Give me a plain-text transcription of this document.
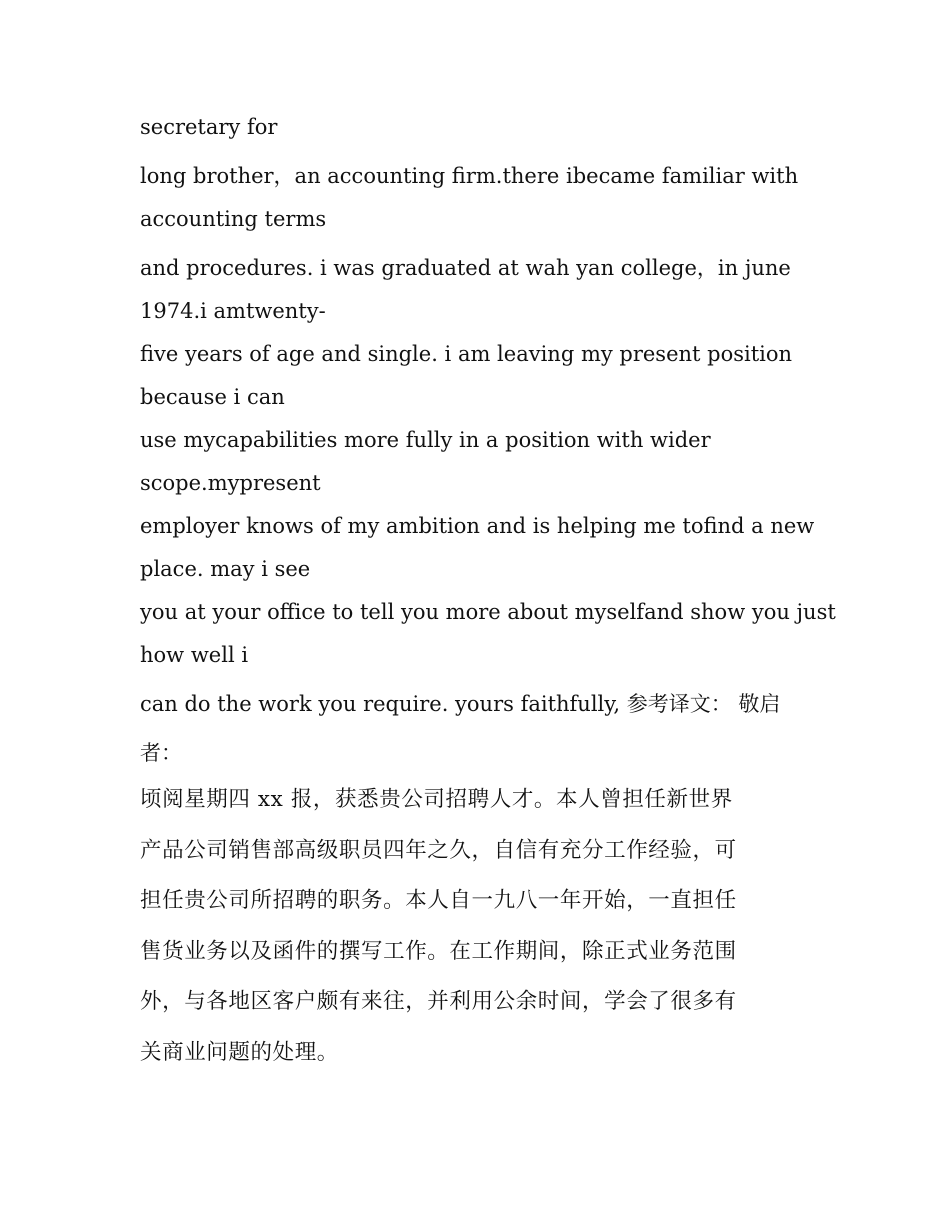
secretary for

long brother，an accounting firm.there ibecame familiar with

accounting terms

and procedures. i was graduated at wah yan college，in june

1974.i amtwenty-

five years of age and single. i am leaving my present position

because i can

use mycapabilities more fully in a position with wider

scope.mypresent

employer knows of my ambition and is helping me tofind a new

place. may i see

you at your office to tell you more about myselfand show you just

how well i

can do the work you require. yours faithfully, 参考译文： 敬启

者：

顷阅星期四 xx 报，获悉贵公司招聘人才。本人曾担任新世界

产品公司销售部高级职员四年之久，自信有充分工作经验，可

担任贵公司所招聘的职务。本人自一九八一年开始，一直担任

售货业务以及函件的撰写工作。在工作期间，除正式业务范围

外，与各地区客户颇有来往，并利用公余时间，学会了很多有

关商业问题的处理。
